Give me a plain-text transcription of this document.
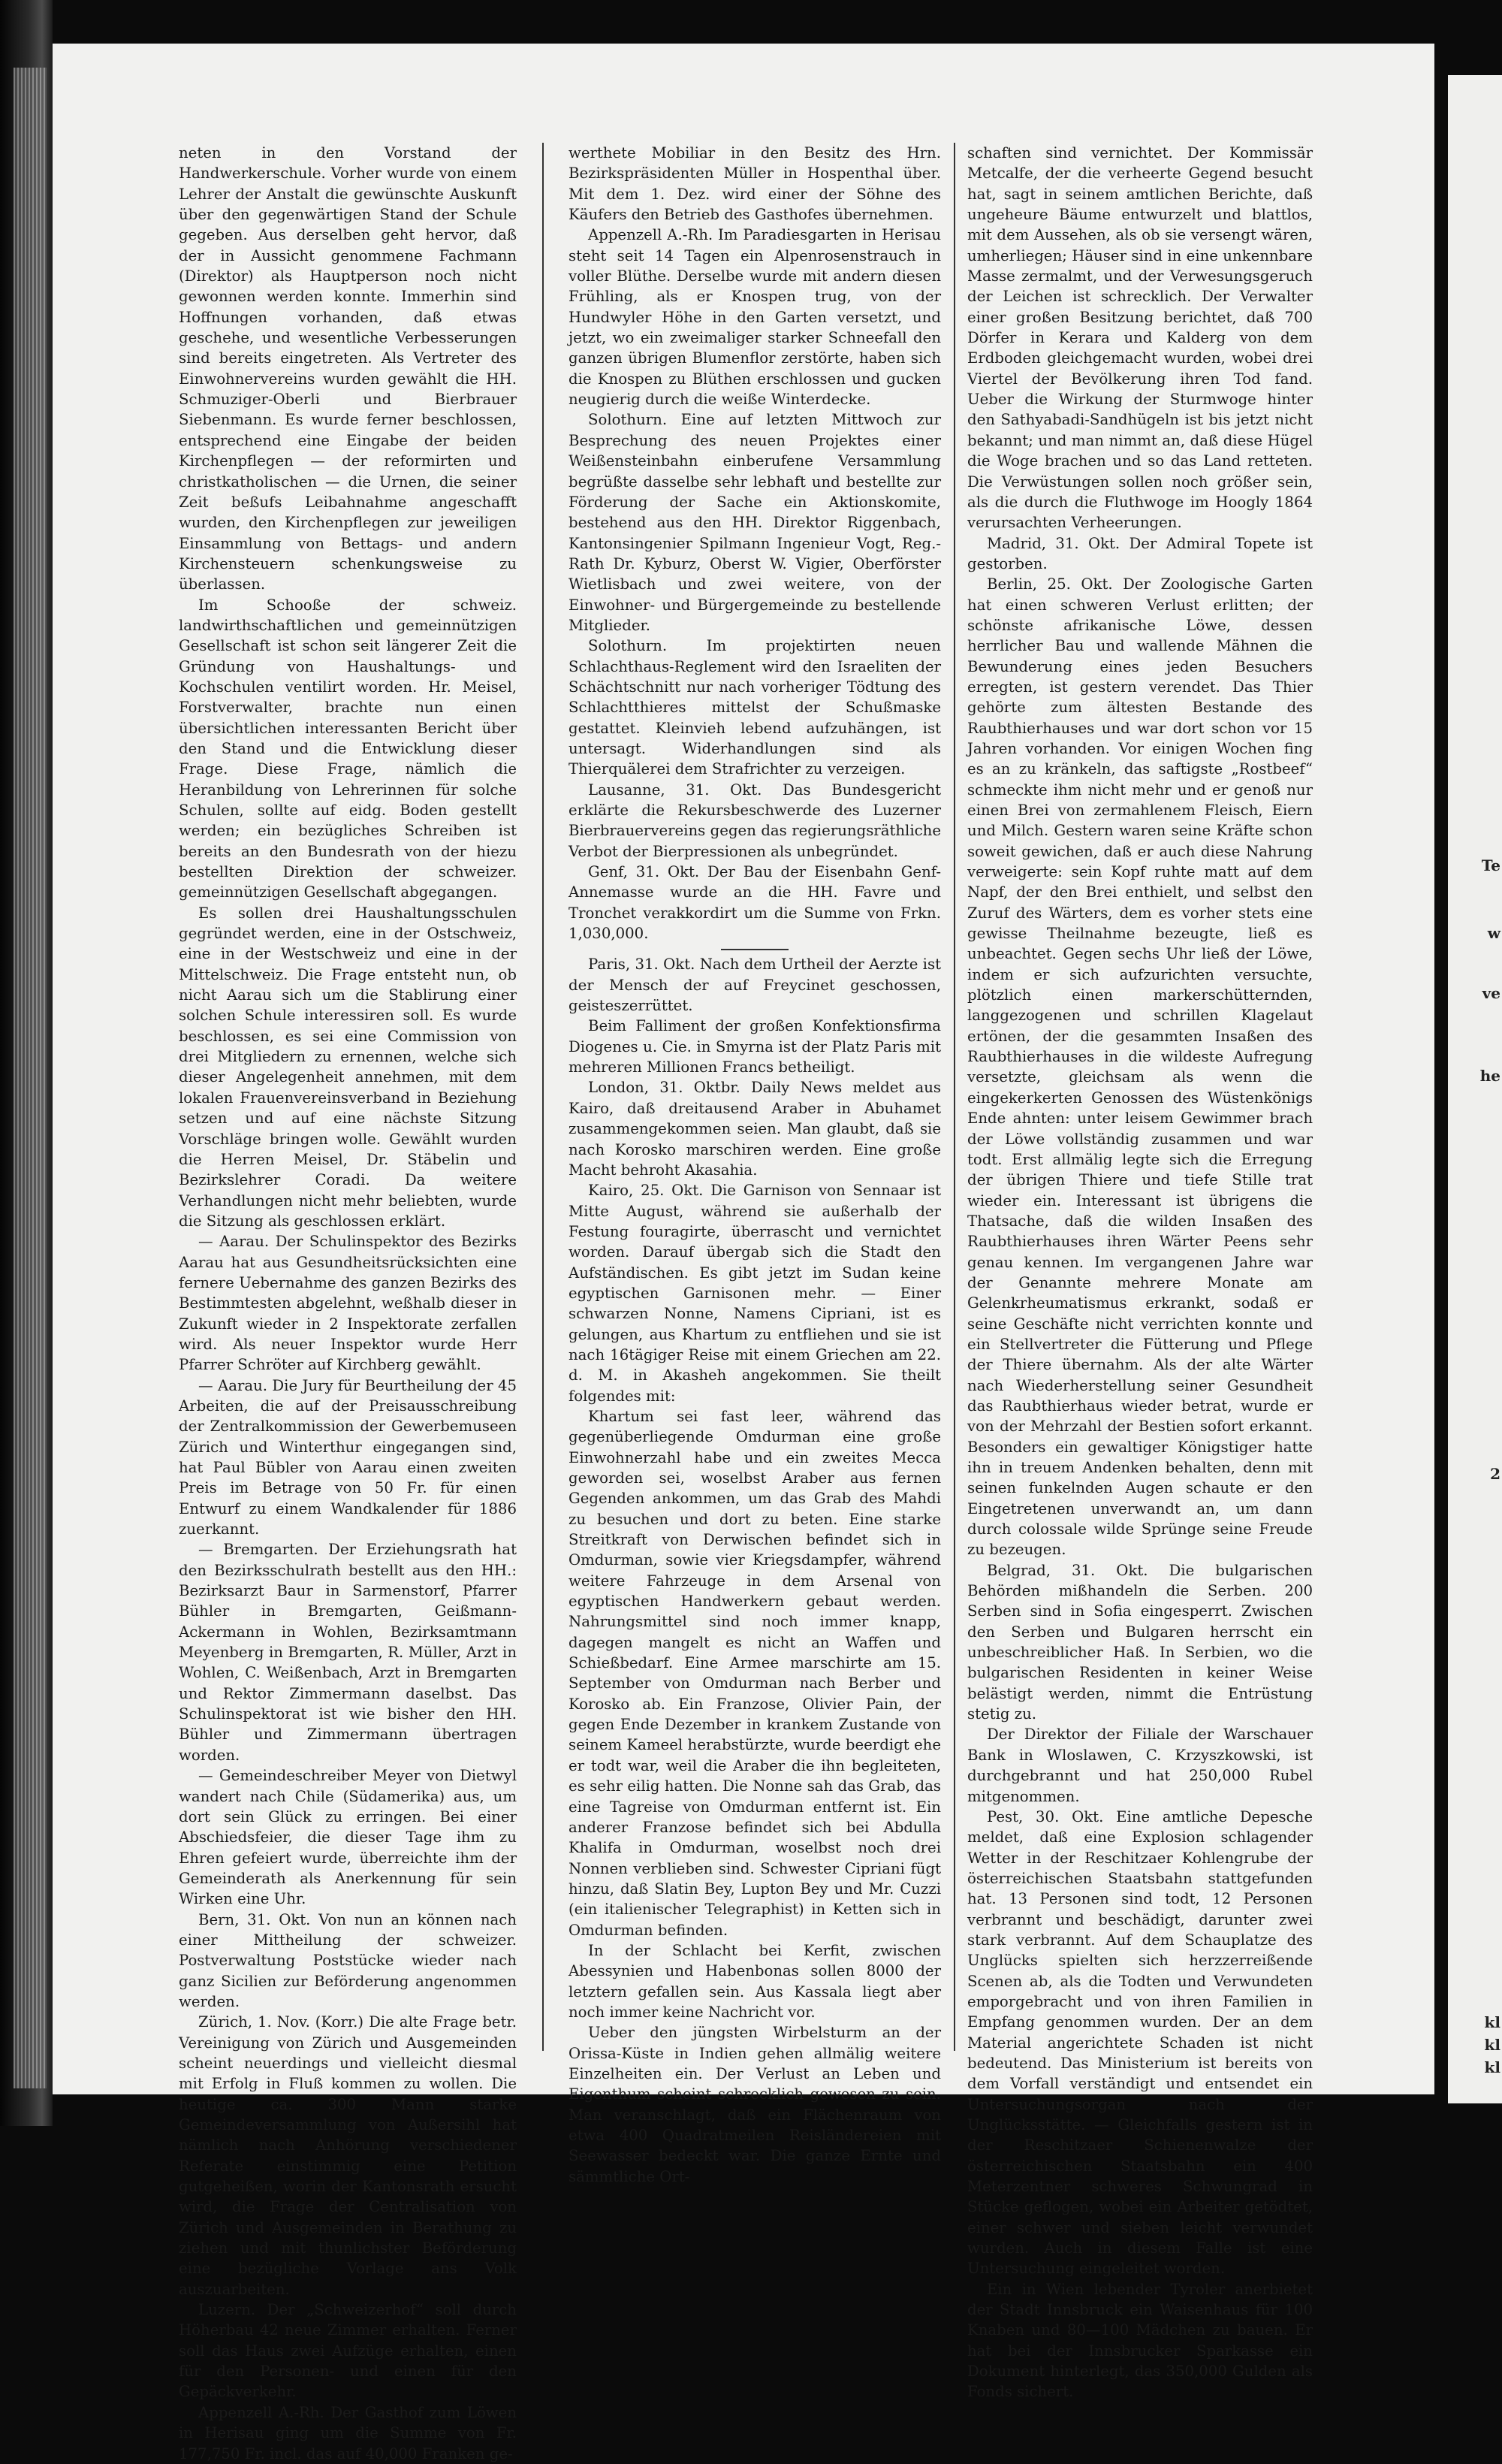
Te
w
ve
he
2
kl
kl
kl

neten in den Vorstand der Handwerkerschule. Vorher wurde von einem Lehrer der Anstalt die gewünschte Auskunft über den gegenwärtigen Stand der Schule gegeben. Aus derselben geht hervor, daß der in Aussicht genommene Fachmann (Direktor) als Hauptperson noch nicht gewonnen werden konnte. Immerhin sind Hoffnungen vorhanden, daß etwas geschehe, und wesentliche Verbesserungen sind bereits eingetreten. Als Vertreter des Einwohnervereins wurden gewählt die HH. Schmuziger-Oberli und Bierbrauer Siebenmann. Es wurde ferner beschlossen, entsprechend eine Eingabe der beiden Kirchenpflegen — der reformirten und christkatholischen — die Urnen, die seiner Zeit beßufs Leibahnahme angeschafft wurden, den Kirchenpflegen zur jeweiligen Einsammlung von Bettags- und andern Kirchensteuern schenkungsweise zu überlassen.

Im Schooße der schweiz. landwirthschaftlichen und gemeinnützigen Gesellschaft ist schon seit längerer Zeit die Gründung von Haushaltungs- und Kochschulen ventilirt worden. Hr. Meisel, Forstverwalter, brachte nun einen übersichtlichen interessanten Bericht über den Stand und die Entwicklung dieser Frage. Diese Frage, nämlich die Heranbildung von Lehrerinnen für solche Schulen, sollte auf eidg. Boden gestellt werden; ein bezügliches Schreiben ist bereits an den Bundesrath von der hiezu bestellten Direktion der schweizer. gemeinnützigen Gesellschaft abgegangen.

Es sollen drei Haushaltungsschulen gegründet werden, eine in der Ostschweiz, eine in der Westschweiz und eine in der Mittelschweiz. Die Frage entsteht nun, ob nicht Aarau sich um die Stablirung einer solchen Schule interessiren soll. Es wurde beschlossen, es sei eine Commission von drei Mitgliedern zu ernennen, welche sich dieser Angelegenheit annehmen, mit dem lokalen Frauenvereinsverband in Beziehung setzen und auf eine nächste Sitzung Vorschläge bringen wolle. Gewählt wurden die Herren Meisel, Dr. Stäbelin und Bezirkslehrer Coradi. Da weitere Verhandlungen nicht mehr beliebten, wurde die Sitzung als geschlossen erklärt.

— Aarau. Der Schulinspektor des Bezirks Aarau hat aus Gesundheitsrücksichten eine fernere Uebernahme des ganzen Bezirks des Bestimmtesten abgelehnt, weßhalb dieser in Zukunft wieder in 2 Inspektorate zerfallen wird. Als neuer Inspektor wurde Herr Pfarrer Schröter auf Kirchberg gewählt.

— Aarau. Die Jury für Beurtheilung der 45 Arbeiten, die auf der Preisausschreibung der Zentralkommission der Gewerbemuseen Zürich und Winterthur eingegangen sind, hat Paul Bübler von Aarau einen zweiten Preis im Betrage von 50 Fr. für einen Entwurf zu einem Wandkalender für 1886 zuerkannt.

— Bremgarten. Der Erziehungsrath hat den Bezirksschulrath bestellt aus den HH.: Bezirksarzt Baur in Sarmenstorf, Pfarrer Bühler in Bremgarten, Geißmann-Ackermann in Wohlen, Bezirksamtmann Meyenberg in Bremgarten, R. Müller, Arzt in Wohlen, C. Weißenbach, Arzt in Bremgarten und Rektor Zimmermann daselbst. Das Schulinspektorat ist wie bisher den HH. Bühler und Zimmermann übertragen worden.

— Gemeindeschreiber Meyer von Dietwyl wandert nach Chile (Südamerika) aus, um dort sein Glück zu erringen. Bei einer Abschiedsfeier, die dieser Tage ihm zu Ehren gefeiert wurde, überreichte ihm der Gemeinderath als Anerkennung für sein Wirken eine Uhr.

Bern, 31. Okt. Von nun an können nach einer Mittheilung der schweizer. Postverwaltung Poststücke wieder nach ganz Sicilien zur Beförderung angenommen werden.

Zürich, 1. Nov. (Korr.) Die alte Frage betr. Vereinigung von Zürich und Ausgemeinden scheint neuerdings und vielleicht diesmal mit Erfolg in Fluß kommen zu wollen. Die heutige ca. 300 Mann starke Gemeindeversammlung von Außersihl hat nämlich nach Anhörung verschiedener Referate einstimmig eine Petition gutgeheißen, worin der Kantonsrath ersucht wird, die Frage der Centralisation von Zürich und Ausgemeinden in Berathung zu ziehen und mit thunlichster Beförderung eine bezügliche Vorlage ans Volk auszuarbeiten.

Luzern. Der „Schweizerhof“ soll durch Höherbau 42 neue Zimmer erhalten. Ferner soll das Haus zwei Aufzüge erhalten, einen für den Personen- und einen für den Gepäckverkehr.

Appenzell A.-Rh. Der Gasthof zum Löwen in Herisau ging um die Summe von Fr. 177,750 Fr. incl. das auf 40,000 Franken ge-

werthete Mobiliar in den Besitz des Hrn. Bezirkspräsidenten Müller in Hospenthal über. Mit dem 1. Dez. wird einer der Söhne des Käufers den Betrieb des Gasthofes übernehmen.

Appenzell A.-Rh. Im Paradiesgarten in Herisau steht seit 14 Tagen ein Alpenrosenstrauch in voller Blüthe. Derselbe wurde mit andern diesen Frühling, als er Knospen trug, von der Hundwyler Höhe in den Garten versetzt, und jetzt, wo ein zweimaliger starker Schneefall den ganzen übrigen Blumenflor zerstörte, haben sich die Knospen zu Blüthen erschlossen und gucken neugierig durch die weiße Winterdecke.

Solothurn. Eine auf letzten Mittwoch zur Besprechung des neuen Projektes einer Weißensteinbahn einberufene Versammlung begrüßte dasselbe sehr lebhaft und bestellte zur Förderung der Sache ein Aktionskomite, bestehend aus den HH. Direktor Riggenbach, Kantonsingenier Spilmann Ingenieur Vogt, Reg.-Rath Dr. Kyburz, Oberst W. Vigier, Oberförster Wietlisbach und zwei weitere, von der Einwohner- und Bürgergemeinde zu bestellende Mitglieder.

Solothurn. Im projektirten neuen Schlachthaus-Reglement wird den Israeliten der Schächtschnitt nur nach vorheriger Tödtung des Schlachtthieres mittelst der Schußmaske gestattet. Kleinvieh lebend aufzuhängen, ist untersagt. Widerhandlungen sind als Thierquälerei dem Strafrichter zu verzeigen.

Lausanne, 31. Okt. Das Bundesgericht erklärte die Rekursbeschwerde des Luzerner Bierbrauervereins gegen das regierungsräthliche Verbot der Bierpressionen als unbegründet.

Genf, 31. Okt. Der Bau der Eisenbahn Genf-Annemasse wurde an die HH. Favre und Tronchet verakkordirt um die Summe von Frkn. 1,030,000.

Paris, 31. Okt. Nach dem Urtheil der Aerzte ist der Mensch der auf Freycinet geschossen, geisteszerrüttet.

Beim Falliment der großen Konfektionsfirma Diogenes u. Cie. in Smyrna ist der Platz Paris mit mehreren Millionen Francs betheiligt.

London, 31. Oktbr. Daily News meldet aus Kairo, daß dreitausend Araber in Abuhamet zusammengekommen seien. Man glaubt, daß sie nach Korosko marschiren werden. Eine große Macht behroht Akasahia.

Kairo, 25. Okt. Die Garnison von Sennaar ist Mitte August, während sie außerhalb der Festung fouragirte, überrascht und vernichtet worden. Darauf übergab sich die Stadt den Aufständischen. Es gibt jetzt im Sudan keine egyptischen Garnisonen mehr. — Einer schwarzen Nonne, Namens Cipriani, ist es gelungen, aus Khartum zu entfliehen und sie ist nach 16tägiger Reise mit einem Griechen am 22. d. M. in Akasheh angekommen. Sie theilt folgendes mit:

Khartum sei fast leer, während das gegenüberliegende Omdurman eine große Einwohnerzahl habe und ein zweites Mecca geworden sei, woselbst Araber aus fernen Gegenden ankommen, um das Grab des Mahdi zu besuchen und dort zu beten. Eine starke Streitkraft von Derwischen befindet sich in Omdurman, sowie vier Kriegsdampfer, während weitere Fahrzeuge in dem Arsenal von egyptischen Handwerkern gebaut werden. Nahrungsmittel sind noch immer knapp, dagegen mangelt es nicht an Waffen und Schießbedarf. Eine Armee marschirte am 15. September von Omdurman nach Berber und Korosko ab. Ein Franzose, Olivier Pain, der gegen Ende Dezember in krankem Zustande von seinem Kameel herabstürzte, wurde beerdigt ehe er todt war, weil die Araber die ihn begleiteten, es sehr eilig hatten. Die Nonne sah das Grab, das eine Tagreise von Omdurman entfernt ist. Ein anderer Franzose befindet sich bei Abdulla Khalifa in Omdurman, woselbst noch drei Nonnen verblieben sind. Schwester Cipriani fügt hinzu, daß Slatin Bey, Lupton Bey und Mr. Cuzzi (ein italienischer Telegraphist) in Ketten sich in Omdurman befinden.

In der Schlacht bei Kerfit, zwischen Abessynien und Habenbonas sollen 8000 der letztern gefallen sein. Aus Kassala liegt aber noch immer keine Nachricht vor.

Ueber den jüngsten Wirbelsturm an der Orissa-Küste in Indien gehen allmälig weitere Einzelheiten ein. Der Verlust an Leben und Eigenthum scheint schrecklich gewesen zu sein. Man veranschlagt, daß ein Flächenraum von etwa 400 Quadratmeilen Reisländereien mit Seewasser bedeckt war. Die ganze Ernte und sämmtliche Ort-

schaften sind vernichtet. Der Kommissär Metcalfe, der die verheerte Gegend besucht hat, sagt in seinem amtlichen Berichte, daß ungeheure Bäume entwurzelt und blattlos, mit dem Aussehen, als ob sie versengt wären, umherliegen; Häuser sind in eine unkennbare Masse zermalmt, und der Verwesungsgeruch der Leichen ist schrecklich. Der Verwalter einer großen Besitzung berichtet, daß 700 Dörfer in Kerara und Kalderg von dem Erdboden gleichgemacht wurden, wobei drei Viertel der Bevölkerung ihren Tod fand. Ueber die Wirkung der Sturmwoge hinter den Sathyabadi-Sandhügeln ist bis jetzt nicht bekannt; und man nimmt an, daß diese Hügel die Woge brachen und so das Land retteten. Die Verwüstungen sollen noch größer sein, als die durch die Fluthwoge im Hoogly 1864 verursachten Verheerungen.

Madrid, 31. Okt. Der Admiral Topete ist gestorben.

Berlin, 25. Okt. Der Zoologische Garten hat einen schweren Verlust erlitten; der schönste afrikanische Löwe, dessen herrlicher Bau und wallende Mähnen die Bewunderung eines jeden Besuchers erregten, ist gestern verendet. Das Thier gehörte zum ältesten Bestande des Raubthierhauses und war dort schon vor 15 Jahren vorhanden. Vor einigen Wochen fing es an zu kränkeln, das saftigste „Rostbeef“ schmeckte ihm nicht mehr und er genoß nur einen Brei von zermahlenem Fleisch, Eiern und Milch. Gestern waren seine Kräfte schon soweit gewichen, daß er auch diese Nahrung verweigerte: sein Kopf ruhte matt auf dem Napf, der den Brei enthielt, und selbst den Zuruf des Wärters, dem es vorher stets eine gewisse Theilnahme bezeugte, ließ es unbeachtet. Gegen sechs Uhr ließ der Löwe, indem er sich aufzurichten versuchte, plötzlich einen markerschütternden, langgezogenen und schrillen Klagelaut ertönen, der die gesammten Insaßen des Raubthierhauses in die wildeste Aufregung versetzte, gleichsam als wenn die eingekerkerten Genossen des Wüstenkönigs Ende ahnten: unter leisem Gewimmer brach der Löwe vollständig zusammen und war todt. Erst allmälig legte sich die Erregung der übrigen Thiere und tiefe Stille trat wieder ein. Interessant ist übrigens die Thatsache, daß die wilden Insaßen des Raubthierhauses ihren Wärter Peens sehr genau kennen. Im vergangenen Jahre war der Genannte mehrere Monate am Gelenkrheumatismus erkrankt, sodaß er seine Geschäfte nicht verrichten konnte und ein Stellvertreter die Fütterung und Pflege der Thiere übernahm. Als der alte Wärter nach Wiederherstellung seiner Gesundheit das Raubthierhaus wieder betrat, wurde er von der Mehrzahl der Bestien sofort erkannt. Besonders ein gewaltiger Königstiger hatte ihn in treuem Andenken behalten, denn mit seinen funkelnden Augen schaute er den Eingetretenen unverwandt an, um dann durch colossale wilde Sprünge seine Freude zu bezeugen.

Belgrad, 31. Okt. Die bulgarischen Behörden mißhandeln die Serben. 200 Serben sind in Sofia eingesperrt. Zwischen den Serben und Bulgaren herrscht ein unbeschreiblicher Haß. In Serbien, wo die bulgarischen Residenten in keiner Weise belästigt werden, nimmt die Entrüstung stetig zu.

Der Direktor der Filiale der Warschauer Bank in Wloslawen, C. Krzyszkowski, ist durchgebrannt und hat 250,000 Rubel mitgenommen.

Pest, 30. Okt. Eine amtliche Depesche meldet, daß eine Explosion schlagender Wetter in der Reschitzaer Kohlengrube der österreichischen Staatsbahn stattgefunden hat. 13 Personen sind todt, 12 Personen verbrannt und beschädigt, darunter zwei stark verbrannt. Auf dem Schauplatze des Unglücks spielten sich herzzerreißende Scenen ab, als die Todten und Verwundeten emporgebracht und von ihren Familien in Empfang genommen wurden. Der an dem Material angerichtete Schaden ist nicht bedeutend. Das Ministerium ist bereits von dem Vorfall verständigt und entsendet ein Untersuchungsorgan nach der Unglücksstätte. — Gleichfalls gestern ist in der Reschitzaer Schienenwalze der österreichischen Staatsbahn ein 400 Meterzentner schweres Schwungrad in Stücke geflogen, wobei ein Arbeiter getödtet, einer schwer und sieben leicht verwundet wurden. Auch in diesem Falle ist eine Untersuchung eingeleitet worden.

Ein in Wien lebender Tyroler anerbietet der Stadt Innsbruck ein Waisenhaus für 100 Knaben und 80—100 Mädchen zu bauen. Er hat bei der Innsbrucker Sparkasse ein Dokument hinterlegt, das 350,000 Gulden als Fonds sichert.
